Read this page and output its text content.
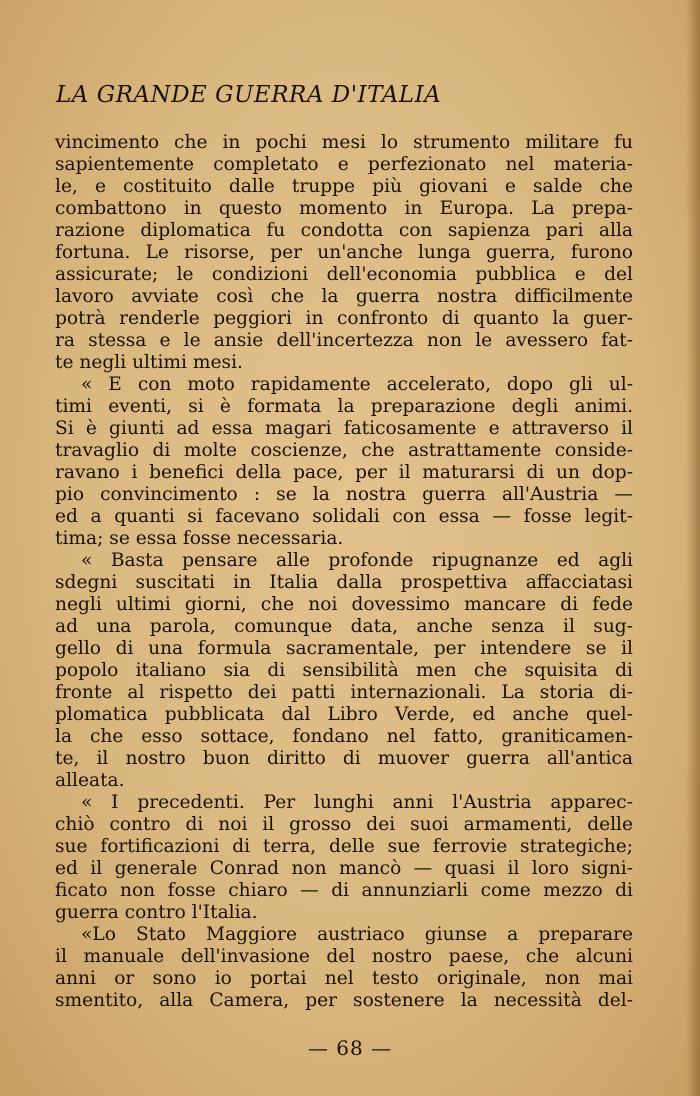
LA GRANDE GUERRA D'ITALIA
vincimento che in pochi mesi lo strumento militare fu
sapientemente completato e perfezionato nel materia-
le, e costituito dalle truppe più giovani e salde che
combattono in questo momento in Europa. La prepa-
razione diplomatica fu condotta con sapienza pari alla
fortuna. Le risorse, per un'anche lunga guerra, furono
assicurate; le condizioni dell'economia pubblica e del
lavoro avviate così che la guerra nostra difficilmente
potrà renderle peggiori in confronto di quanto la guer-
ra stessa e le ansie dell'incertezza non le avessero fat-
te negli ultimi mesi.
« E con moto rapidamente accelerato, dopo gli ul-
timi eventi, si è formata la preparazione degli animi.
Si è giunti ad essa magari faticosamente e attraverso il
travaglio di molte coscienze, che astrattamente conside-
ravano i benefici della pace, per il maturarsi di un dop-
pio convincimento : se la nostra guerra all'Austria —
ed a quanti si facevano solidali con essa — fosse legit-
tima; se essa fosse necessaria.
« Basta pensare alle profonde ripugnanze ed agli
sdegni suscitati in Italia dalla prospettiva affacciatasi
negli ultimi giorni, che noi dovessimo mancare di fede
ad una parola, comunque data, anche senza il sug-
gello di una formula sacramentale, per intendere se il
popolo italiano sia di sensibilità men che squisita di
fronte al rispetto dei patti internazionali. La storia di-
plomatica pubblicata dal Libro Verde, ed anche quel-
la che esso sottace, fondano nel fatto, graniticamen-
te, il nostro buon diritto di muover guerra all'antica
alleata.
« I precedenti. Per lunghi anni l'Austria apparec-
chiò contro di noi il grosso dei suoi armamenti, delle
sue fortificazioni di terra, delle sue ferrovie strategiche;
ed il generale Conrad non mancò — quasi il loro signi-
ficato non fosse chiaro — di annunziarli come mezzo di
guerra contro l'Italia.
«Lo Stato Maggiore austriaco giunse a preparare
il manuale dell'invasione del nostro paese, che alcuni
anni or sono io portai nel testo originale, non mai
smentito, alla Camera, per sostenere la necessità del-
— 68 —
